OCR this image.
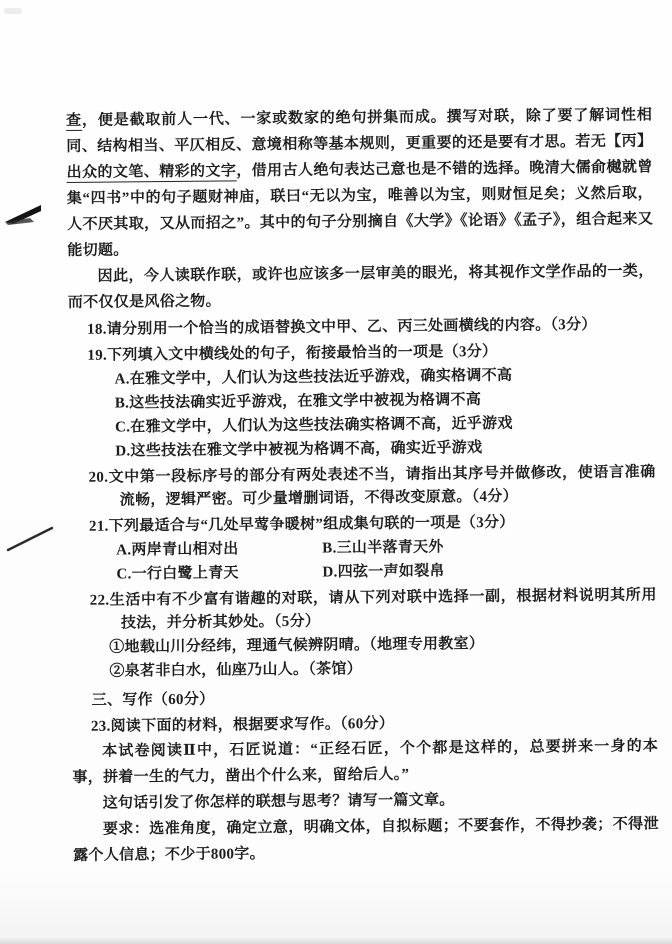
查，便是截取前人一代、一家或数家的绝句拼集而成。撰写对联，除了要了解词性相同、结构相当、平仄相反、意境相称等基本规则，更重要的还是要有才思。若无【丙】出众的文笔、精彩的文字，借用古人绝句表达己意也是不错的选择。晚清大儒俞樾就曾集“四书”中的句子题财神庙，联曰“无以为宝，唯善以为宝，则财恒足矣；义然后取，人不厌其取，又从而招之”。其中的句子分别摘自《大学》《论语》《孟子》，组合起来又能切题。
因此，今人读联作联，或许也应该多一层审美的眼光，将其视作文学作品的一类，而不仅仅是风俗之物。
18.请分别用一个恰当的成语替换文中甲、乙、丙三处画横线的内容。（3分）
19.下列填入文中横线处的句子，衔接最恰当的一项是（3分）
A.在雅文学中，人们认为这些技法近乎游戏，确实格调不高
B.这些技法确实近乎游戏，在雅文学中被视为格调不高
C.在雅文学中，人们认为这些技法确实格调不高，近乎游戏
D.这些技法在雅文学中被视为格调不高，确实近乎游戏
20.文中第一段标序号的部分有两处表述不当，请指出其序号并做修改，使语言准确流畅，逻辑严密。可少量增删词语，不得改变原意。（4分）
21.下列最适合与“几处早莺争暖树”组成集句联的一项是（3分）
A.两岸青山相对出	B.三山半落青天外
C.一行白鹭上青天	D.四弦一声如裂帛
22.生活中有不少富有谐趣的对联，请从下列对联中选择一副，根据材料说明其所用技法，并分析其妙处。（5分）
①地载山川分经纬，理通气候辨阴晴。（地理专用教室）
②泉茗非白水，仙座乃山人。（茶馆）
三、写作（60分）
23.阅读下面的材料，根据要求写作。（60分）
本试卷阅读Ⅱ中，石匠说道：“正经石匠，个个都是这样的，总要拼来一身的本事，拼着一生的气力，凿出个什么来，留给后人。”
这句话引发了你怎样的联想与思考？请写一篇文章。
要求：选准角度，确定立意，明确文体，自拟标题；不要套作，不得抄袭；不得泄露个人信息；不少于800字。
